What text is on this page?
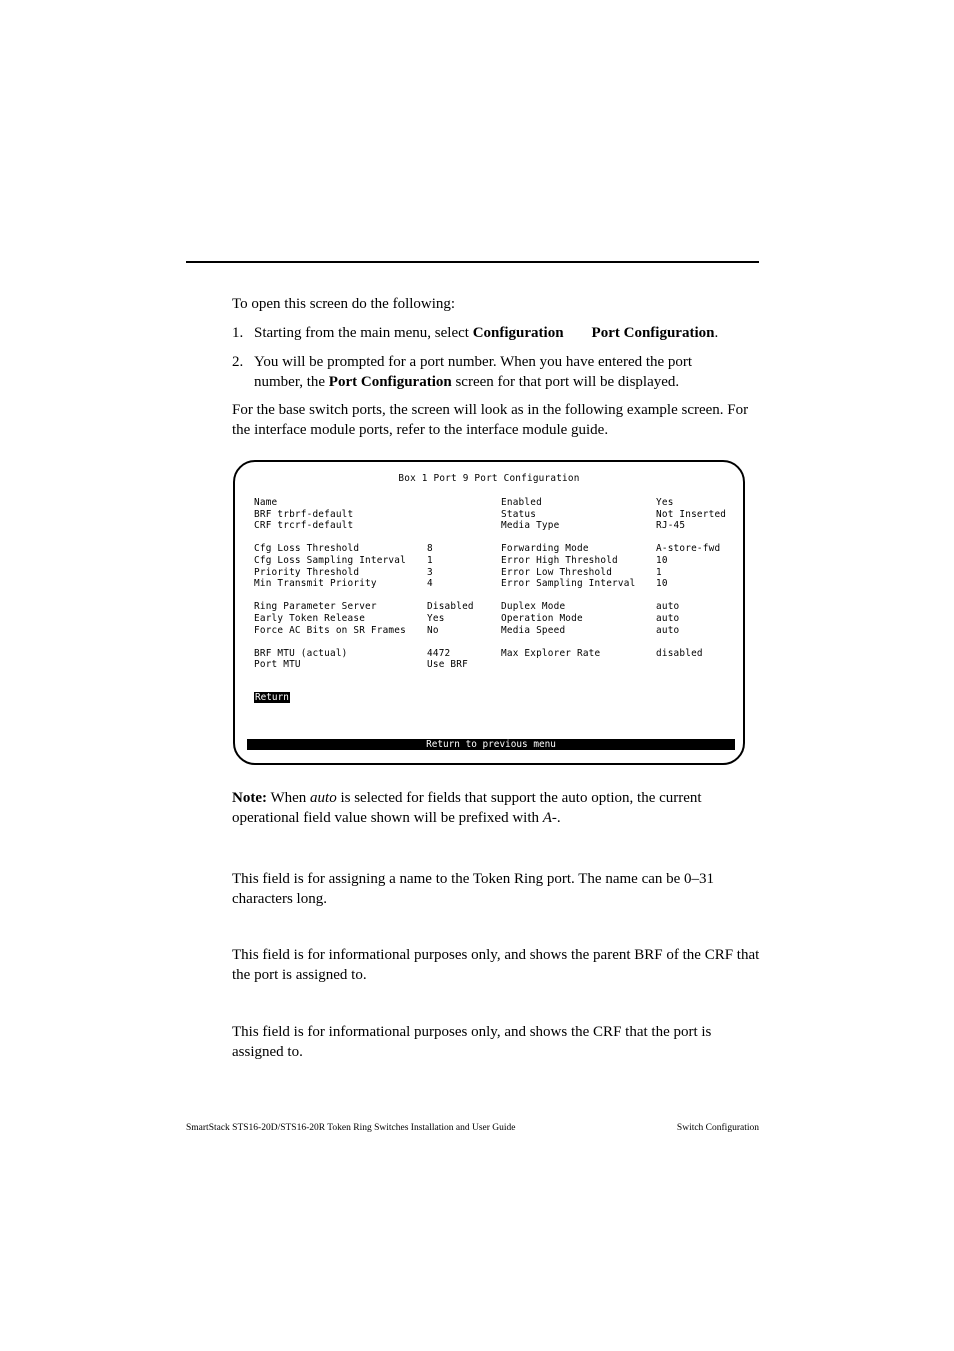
To open this screen do the following:

1. Starting from the main menu, select Configuration Port Configuration.
2. You will be prompted for a port number. When you have entered the port number, the Port Configuration screen for that port will be displayed.

For the base switch ports, the screen will look as in the following example screen. For the interface module ports, refer to the interface module guide.

Box 1 Port 9 Port Configuration
Name
BRF trbrf-default
CRF trcrf-default

Cfg Loss Threshold
Cfg Loss Sampling Interval
Priority Threshold
Min Transmit Priority

Ring Parameter Server
Early Token Release
Force AC Bits on SR Frames

BRF MTU (actual)
Port MTU

8
1
3
4

Disabled
Yes
No

4472
Use BRF
Enabled
Status
Media Type

Forwarding Mode
Error High Threshold
Error Low Threshold
Error Sampling Interval

Duplex Mode
Operation Mode
Media Speed

Max Explorer Rate
Yes
Not Inserted
RJ-45

A-store-fwd
10
1
10

auto
auto
auto

disabled
Return
Return to previous menu

Note: When auto is selected for fields that support the auto option, the current operational field value shown will be prefixed with A-.

This field is for assigning a name to the Token Ring port. The name can be 0–31 characters long.

This field is for informational purposes only, and shows the parent BRF of the CRF that the port is assigned to.

This field is for informational purposes only, and shows the CRF that the port is assigned to.

SmartStack STS16-20D/STS16-20R Token Ring Switches Installation and User Guide	Switch Configuration
